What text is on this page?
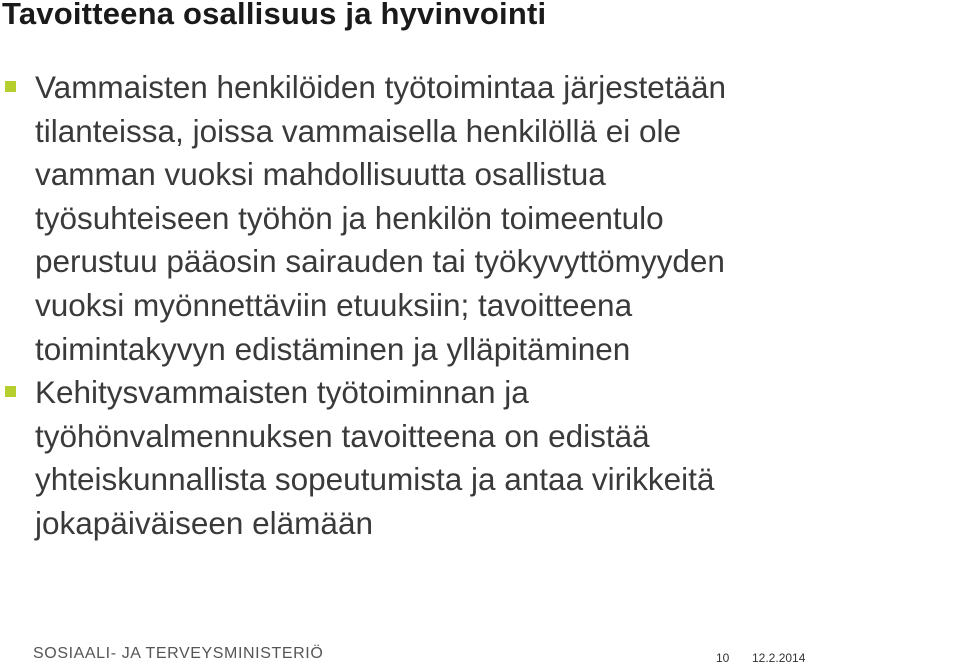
Tavoitteena osallisuus ja hyvinvointi
Vammaisten henkilöiden työtoimintaa järjestetään
tilanteissa, joissa vammaisella henkilöllä ei ole
vamman vuoksi mahdollisuutta osallistua
työsuhteiseen työhön ja henkilön toimeentulo
perustuu pääosin sairauden tai työkyvyttömyyden
vuoksi myönnettäviin etuuksiin; tavoitteena
toimintakyvyn edistäminen ja ylläpitäminen
Kehitysvammaisten työtoiminnan ja
työhönvalmennuksen tavoitteena on edistää
yhteiskunnallista sopeutumista ja antaa virikkeitä
jokapäiväiseen elämään
SOSIAALI- JA TERVEYSMINISTERIÖ	10 12.2.2014
